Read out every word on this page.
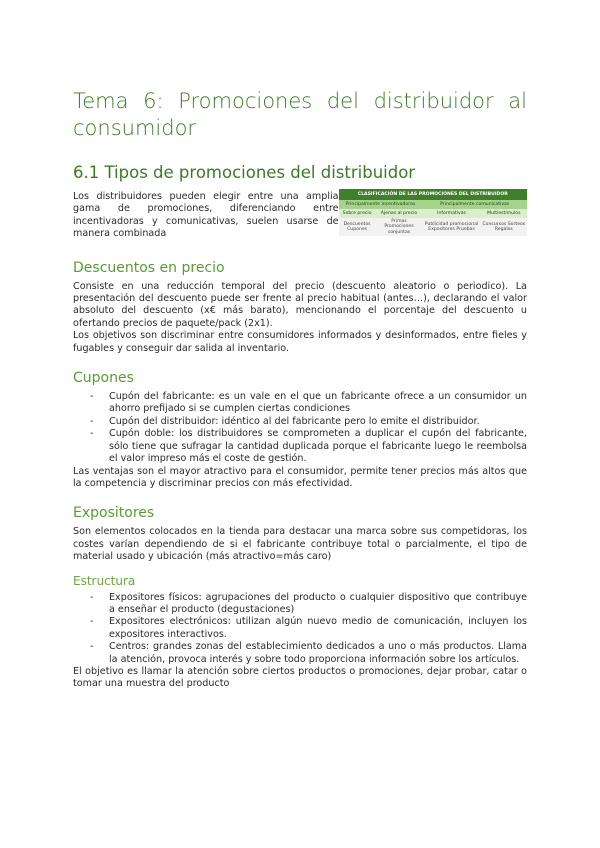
Tema 6: Promociones del distribuidor al consumidor
6.1 Tipos de promociones del distribuidor

Los distribuidores pueden elegir entre una amplia gama de promociones, diferenciando entre incentivadoras y comunicativas, suelen usarse de manera combinada

CLASIFICACIÓN DE LAS PROMOCIONES DEL DISTRIBUIDOR			
Principalmente incentivadoras		Principalmente comunicativas	
Sobre precio	Ajenas al precio	Informativas	Multiestímulos
Descuentos Cupones	Primas Promociones conjuntas	Publicidad promocional Expositores Pruebas	Concursos Sorteos Regalos
Descuentos en precio

Consiste en una reducción temporal del precio (descuento aleatorio o periodico). La presentación del descuento puede ser frente al precio habitual (antes…), declarando el valor absoluto del descuento (x€ más barato), mencionando el porcentaje del descuento u ofertando precios de paquete/pack (2x1).

Los objetivos son discriminar entre consumidores informados y desinformados, entre fieles y fugables y conseguir dar salida al inventario.

Cupones
- Cupón del fabricante: es un vale en el que un fabricante ofrece a un consumidor un ahorro prefijado si se cumplen ciertas condiciones
- Cupón del distribuidor: idéntico al del fabricante pero lo emite el distribuidor.
- Cupón doble: los distribuidores se comprometen a duplicar el cupón del fabricante, sólo tiene que sufragar la cantidad duplicada porque el fabricante luego le reembolsa el valor impreso más el coste de gestión.

Las ventajas son el mayor atractivo para el consumidor, permite tener precios más altos que la competencia y discriminar precios con más efectividad.

Expositores

Son elementos colocados en la tienda para destacar una marca sobre sus competidoras, los costes varían dependiendo de si el fabricante contribuye total o parcialmente, el tipo de material usado y ubicación (más atractivo=más caro)

Estructura
- Expositores físicos: agrupaciones del producto o cualquier dispositivo que contribuye a enseñar el producto (degustaciones)
- Expositores electrónicos: utilizan algún nuevo medio de comunicación, incluyen los expositores interactivos.
- Centros: grandes zonas del establecimiento dedicados a uno o más productos. Llama la atención, provoca interés y sobre todo proporciona información sobre los artículos.

El objetivo es llamar la atención sobre ciertos productos o promociones, dejar probar, catar o tomar una muestra del producto
